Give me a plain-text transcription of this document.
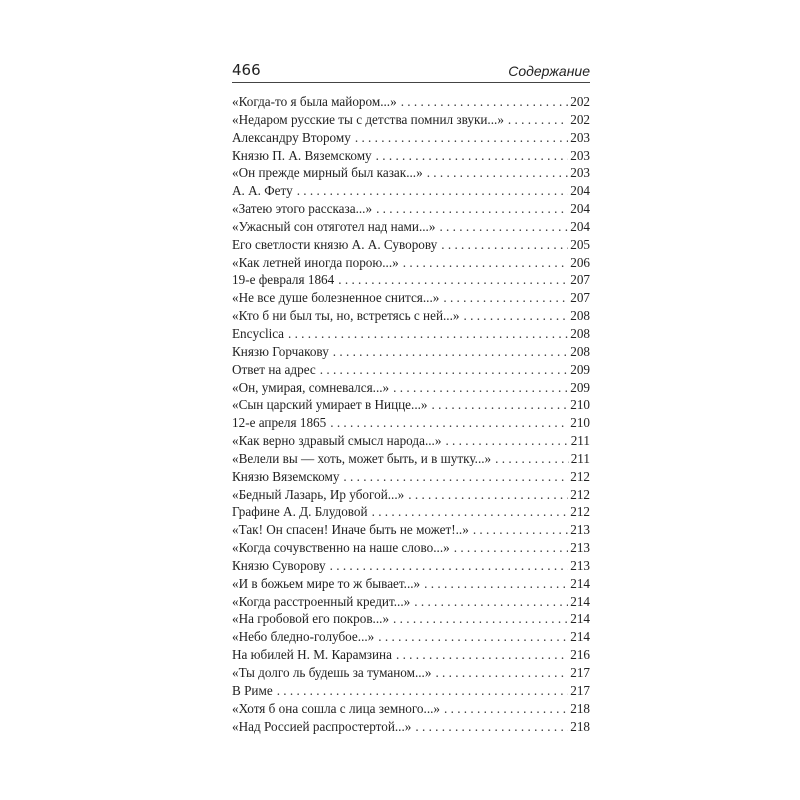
466	Содержание
«Когда-то я была майором...» . . .	202
«Недаром русские ты с детства помнил звуки...» . . .	202
Александру Второму . . .	203
Князю П. А. Вяземскому . . .	203
«Он прежде мирный был казак...» . . .	203
А. А. Фету . . .	204
«Затею этого рассказа...» . . .	204
«Ужасный сон отяготел над нами...» . . .	204
Его светлости князю А. А. Суворову . . .	205
«Как летней иногда порою...» . . .	206
19-е февраля 1864 . . .	207
«Не все душе болезненное снится...» . . .	207
«Кто б ни был ты, но, встретясь с ней...» . . .	208
Encyclica . . .	208
Князю Горчакову . . .	208
Ответ на адрес . . .	209
«Он, умирая, сомневался...» . . .	209
«Сын царский умирает в Ницце...» . . .	210
12-е апреля 1865 . . .	210
«Как верно здравый смысл народа...» . . .	211
«Велели вы — хоть, может быть, и в шутку...» . . .	211
Князю Вяземскому . . .	212
«Бедный Лазарь, Ир убогой...» . . .	212
Графине А. Д. Блудовой . . .	212
«Так! Он спасен! Иначе быть не может!..» . . .	213
«Когда сочувственно на наше слово...» . . .	213
Князю Суворову . . .	213
«И в божьем мире то ж бывает...» . . .	214
«Когда расстроенный кредит...» . . .	214
«На гробовой его покров...» . . .	214
«Небо бледно-голубое...» . . .	214
На юбилей Н. М. Карамзина . . .	216
«Ты долго ль будешь за туманом...» . . .	217
В Риме . . .	217
«Хотя б она сошла с лица земного...» . . .	218
«Над Россией распростертой...» . . .	218
